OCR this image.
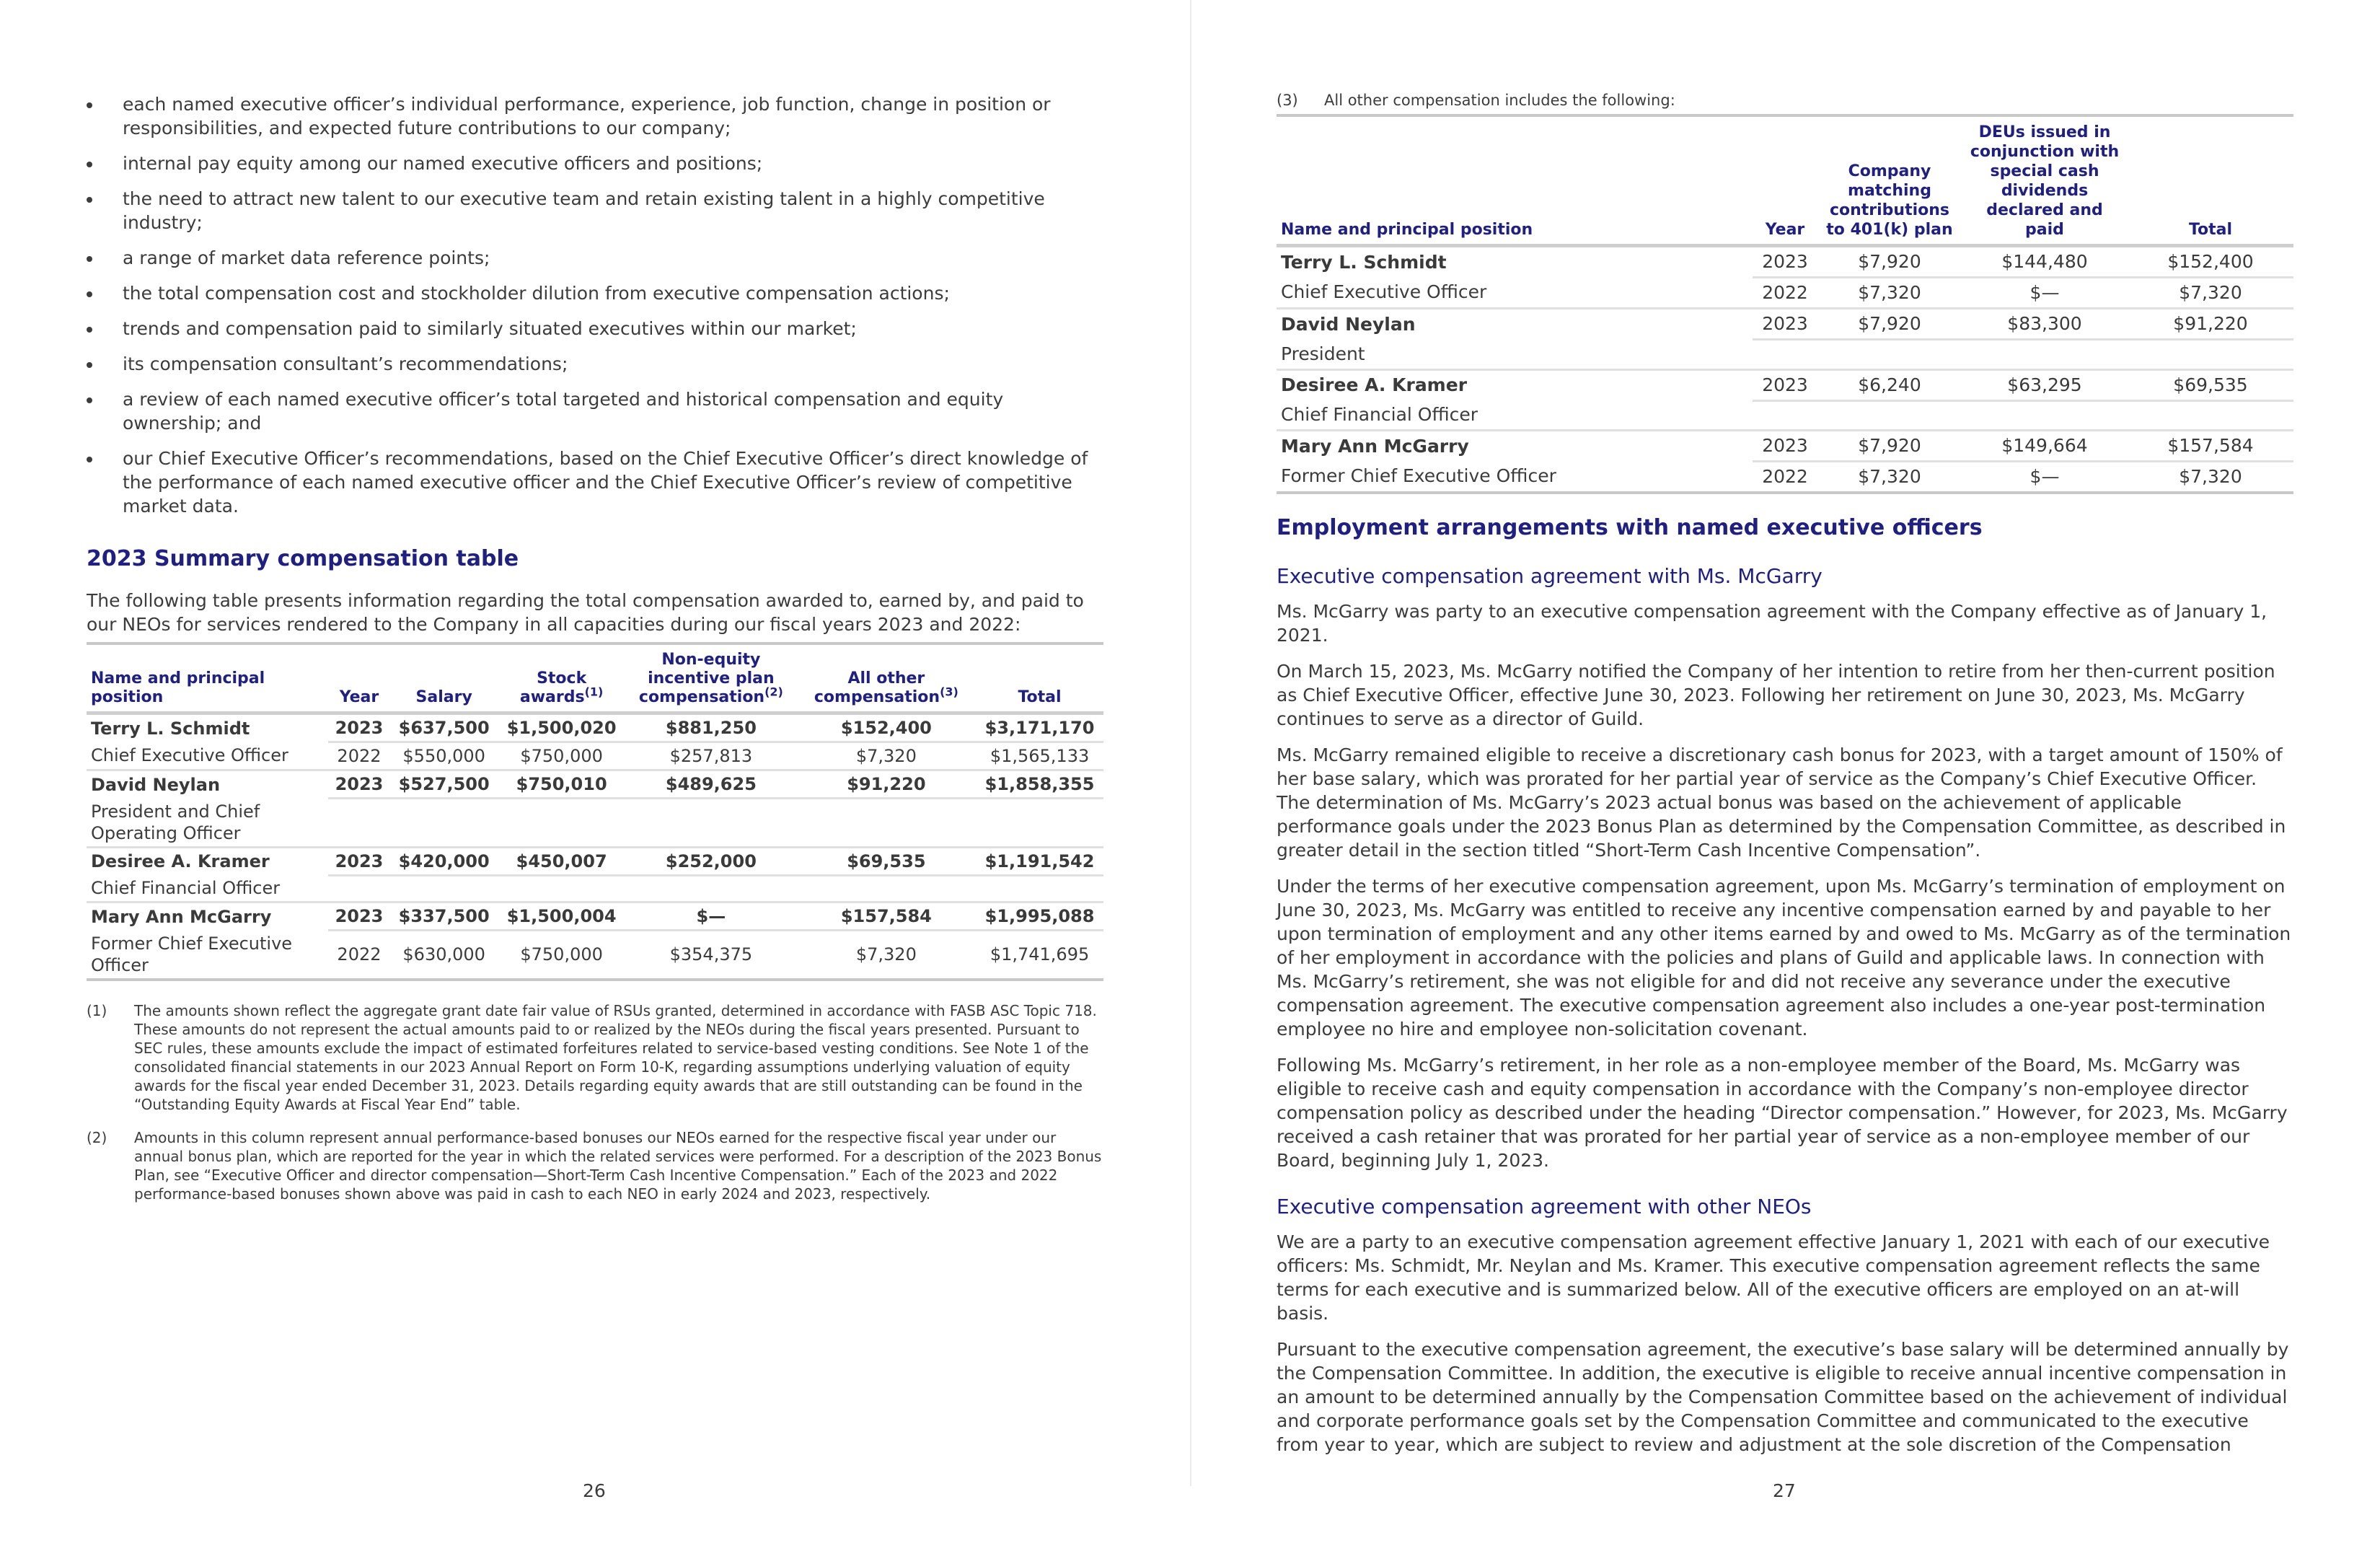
each named executive officer’s individual performance, experience, job function, change in position or responsibilities, and expected future contributions to our company;
internal pay equity among our named executive officers and positions;
the need to attract new talent to our executive team and retain existing talent in a highly competitive industry;
a range of market data reference points;
the total compensation cost and stockholder dilution from executive compensation actions;
trends and compensation paid to similarly situated executives within our market;
its compensation consultant’s recommendations;
a review of each named executive officer’s total targeted and historical compensation and equity ownership; and
our Chief Executive Officer’s recommendations, based on the Chief Executive Officer’s direct knowledge of the performance of each named executive officer and the Chief Executive Officer’s review of competitive market data.
2023 Summary compensation table

The following table presents information regarding the total compensation awarded to, earned by, and paid to our NEOs for services rendered to the Company in all capacities during our fiscal years 2023 and 2022:

Name and principal position	Year	Salary	Stock awards$^{(1)}$	Non-equity incentive plan compensation$^{(2)}$	All other compensation$^{(3)}$	Total
Terry L. Schmidt	2023	$637,500	$1,500,020	$881,250	$152,400	$3,171,170
Chief Executive Officer	2022	$550,000	$750,000	$257,813	$7,320	$1,565,133
David Neylan	2023	$527,500	$750,010	$489,625	$91,220	$1,858,355
President and Chief Operating Officer						
Desiree A. Kramer	2023	$420,000	$450,007	$252,000	$69,535	$1,191,542
Chief Financial Officer						
Mary Ann McGarry	2023	$337,500	$1,500,004	$—	$157,584	$1,995,088
Former Chief Executive Officer	2022	$630,000	$750,000	$354,375	$7,320	$1,741,695
(1)	The amounts shown reflect the aggregate grant date fair value of RSUs granted, determined in accordance with FASB ASC Topic 718. These amounts do not represent the actual amounts paid to or realized by the NEOs during the fiscal years presented. Pursuant to SEC rules, these amounts exclude the impact of estimated forfeitures related to service-based vesting conditions. See Note 1 of the consolidated financial statements in our 2023 Annual Report on Form 10-K, regarding assumptions underlying valuation of equity awards for the fiscal year ended December 31, 2023. Details regarding equity awards that are still outstanding can be found in the “Outstanding Equity Awards at Fiscal Year End” table.
(2)	Amounts in this column represent annual performance-based bonuses our NEOs earned for the respective fiscal year under our annual bonus plan, which are reported for the year in which the related services were performed. For a description of the 2023 Bonus Plan, see “Executive Officer and director compensation—Short-Term Cash Incentive Compensation.” Each of the 2023 and 2022 performance-based bonuses shown above was paid in cash to each NEO in early 2024 and 2023, respectively.
26
(3)	All other compensation includes the following:

Name and principal position	Year	Company matching contributions to 401(k) plan	DEUs issued in conjunction with special cash dividends declared and paid	Total
Terry L. Schmidt	2023	$7,920	$144,480	$152,400
Chief Executive Officer	2022	$7,320	$—	$7,320
David Neylan	2023	$7,920	$83,300	$91,220
President				
Desiree A. Kramer	2023	$6,240	$63,295	$69,535
Chief Financial Officer				
Mary Ann McGarry	2023	$7,920	$149,664	$157,584
Former Chief Executive Officer	2022	$7,320	$—	$7,320
Employment arrangements with named executive officers
Executive compensation agreement with Ms. McGarry

Ms. McGarry was party to an executive compensation agreement with the Company effective as of January 1, 2021.

On March 15, 2023, Ms. McGarry notified the Company of her intention to retire from her then-current position as Chief Executive Officer, effective June 30, 2023. Following her retirement on June 30, 2023, Ms. McGarry continues to serve as a director of Guild.

Ms. McGarry remained eligible to receive a discretionary cash bonus for 2023, with a target amount of 150% of her base salary, which was prorated for her partial year of service as the Company’s Chief Executive Officer. The determination of Ms. McGarry’s 2023 actual bonus was based on the achievement of applicable performance goals under the 2023 Bonus Plan as determined by the Compensation Committee, as described in greater detail in the section titled “Short-Term Cash Incentive Compensation”.

Under the terms of her executive compensation agreement, upon Ms. McGarry’s termination of employment on June 30, 2023, Ms. McGarry was entitled to receive any incentive compensation earned by and payable to her upon termination of employment and any other items earned by and owed to Ms. McGarry as of the termination of her employment in accordance with the policies and plans of Guild and applicable laws. In connection with Ms. McGarry’s retirement, she was not eligible for and did not receive any severance under the executive compensation agreement. The executive compensation agreement also includes a one-year post-termination employee no hire and employee non-solicitation covenant.

Following Ms. McGarry’s retirement, in her role as a non-employee member of the Board, Ms. McGarry was eligible to receive cash and equity compensation in accordance with the Company’s non-employee director compensation policy as described under the heading “Director compensation.” However, for 2023, Ms. McGarry received a cash retainer that was prorated for her partial year of service as a non-employee member of our Board, beginning July 1, 2023.

Executive compensation agreement with other NEOs

We are a party to an executive compensation agreement effective January 1, 2021 with each of our executive officers: Ms. Schmidt, Mr. Neylan and Ms. Kramer. This executive compensation agreement reflects the same terms for each executive and is summarized below. All of the executive officers are employed on an at-will basis.

Pursuant to the executive compensation agreement, the executive’s base salary will be determined annually by the Compensation Committee. In addition, the executive is eligible to receive annual incentive compensation in an amount to be determined annually by the Compensation Committee based on the achievement of individual and corporate performance goals set by the Compensation Committee and communicated to the executive from year to year, which are subject to review and adjustment at the sole discretion of the Compensation

27
